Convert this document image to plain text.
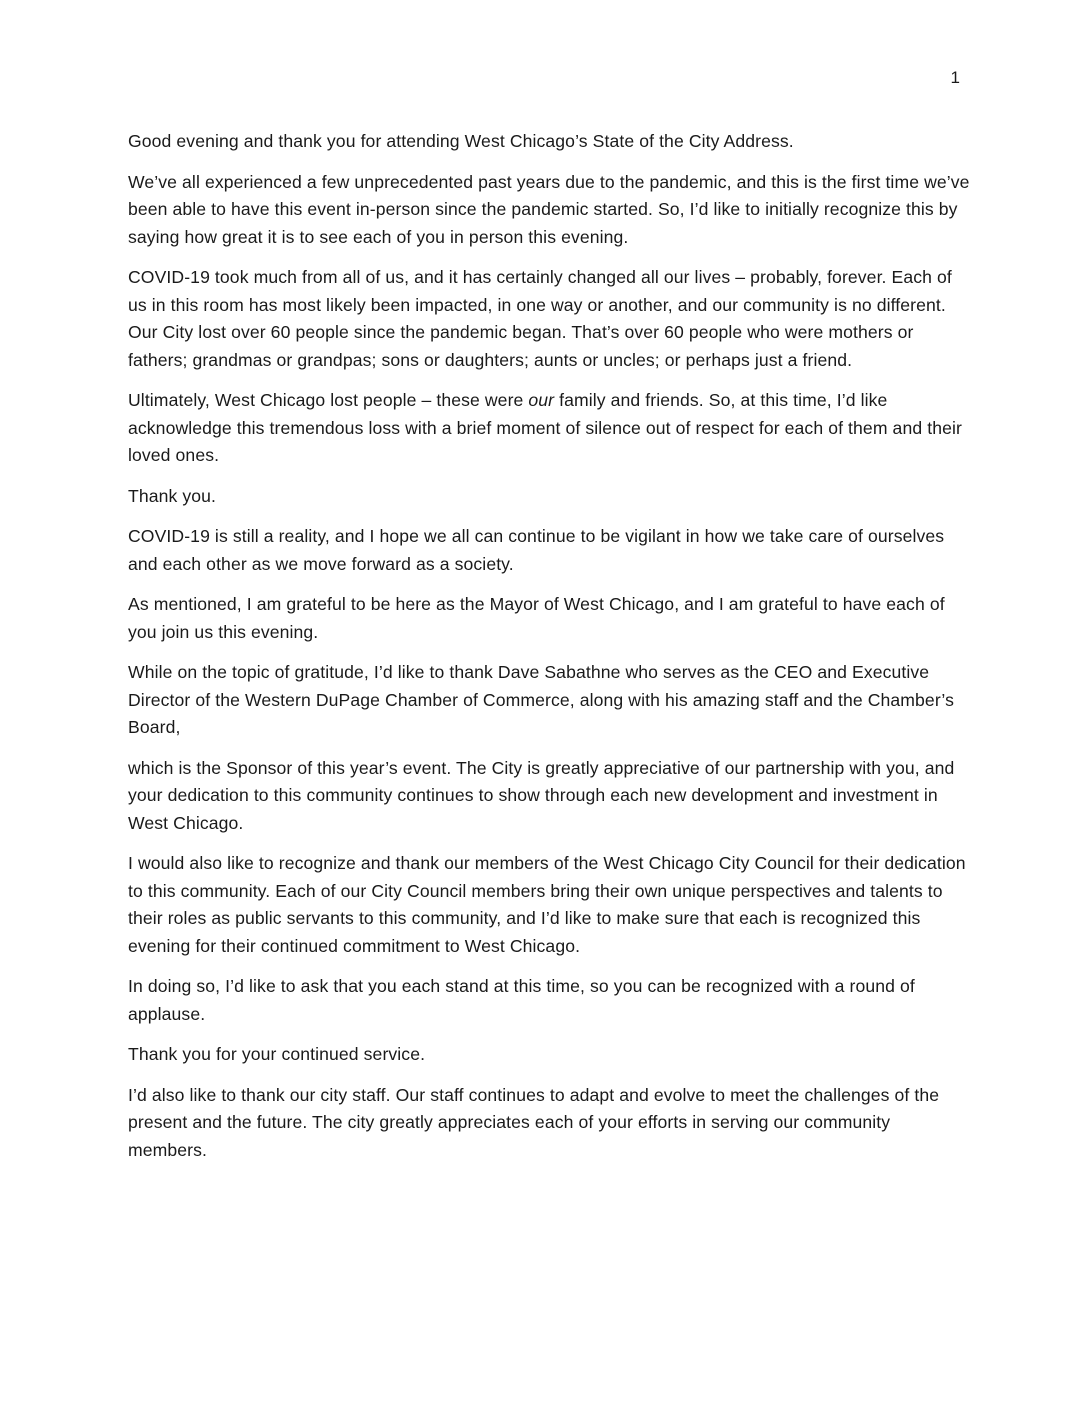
1

Good evening and thank you for attending West Chicago’s State of the City Address.

We’ve all experienced a few unprecedented past years due to the pandemic, and this is the first time we’ve been able to have this event in-person since the pandemic started. So, I’d like to initially recognize this by saying how great it is to see each of you in person this evening.

COVID-19 took much from all of us, and it has certainly changed all our lives – probably, forever. Each of us in this room has most likely been impacted, in one way or another, and our community is no different. Our City lost over 60 people since the pandemic began. That’s over 60 people who were mothers or fathers; grandmas or grandpas; sons or daughters; aunts or uncles; or perhaps just a friend.

Ultimately, West Chicago lost people – these were our family and friends. So, at this time, I’d like acknowledge this tremendous loss with a brief moment of silence out of respect for each of them and their loved ones.

Thank you.

COVID-19 is still a reality, and I hope we all can continue to be vigilant in how we take care of ourselves and each other as we move forward as a society.

As mentioned, I am grateful to be here as the Mayor of West Chicago, and I am grateful to have each of you join us this evening.

While on the topic of gratitude, I’d like to thank Dave Sabathne who serves as the CEO and Executive Director of the Western DuPage Chamber of Commerce, along with his amazing staff and the Chamber’s Board,

which is the Sponsor of this year’s event. The City is greatly appreciative of our partnership with you, and your dedication to this community continues to show through each new development and investment in West Chicago.

I would also like to recognize and thank our members of the West Chicago City Council for their dedication to this community. Each of our City Council members bring their own unique perspectives and talents to their roles as public servants to this community, and I’d like to make sure that each is recognized this evening for their continued commitment to West Chicago.

In doing so, I’d like to ask that you each stand at this time, so you can be recognized with a round of applause.

Thank you for your continued service.

I’d also like to thank our city staff. Our staff continues to adapt and evolve to meet the challenges of the present and the future. The city greatly appreciates each of your efforts in serving our community members.
